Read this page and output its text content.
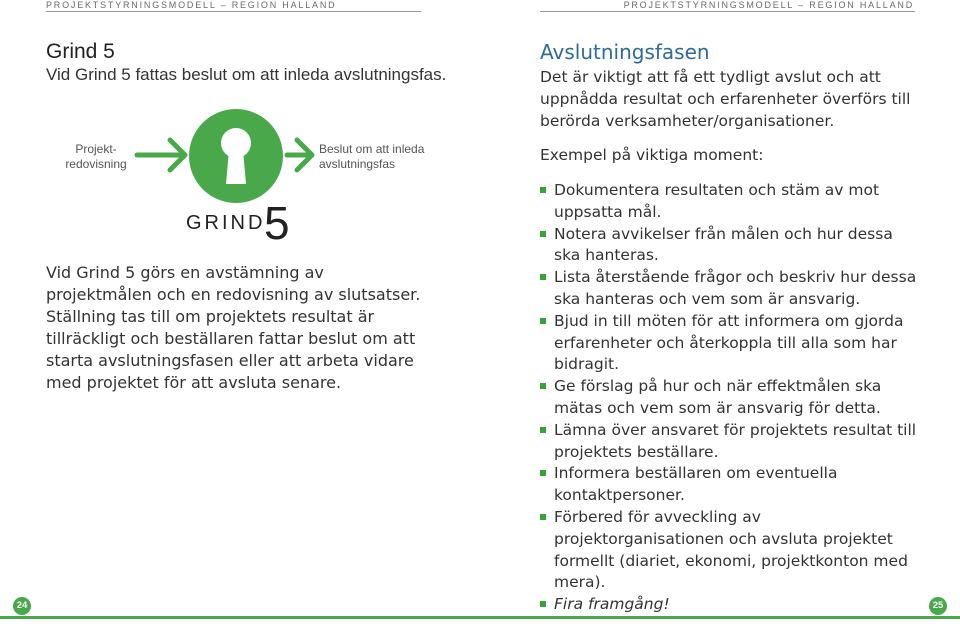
PROJEKTSTYRNINGSMODELL – REGION HALLAND	PROJEKTSTYRNINGSMODELL – REGION HALLAND
Grind 5
Vid Grind 5 fattas beslut om att inleda avslutningsfas.
Projekt-
redovisning
Beslut om att inleda
avslutningsfas
GRIND
5

Vid Grind 5 görs en avstämning av projektmålen och en redovisning av slutsatser. Ställning tas till om projektets resultat är tillräckligt och beställaren fattar beslut om att starta avslutningsfasen eller att arbeta vidare med projektet för att avsluta senare.

Avslutningsfasen

Det är viktigt att få ett tydligt avslut och att uppnådda resultat och erfarenheter överförs till berörda verksamheter/organisationer.

Exempel på viktiga moment:
Dokumentera resultaten och stäm av mot uppsatta mål.
Notera avvikelser från målen och hur dessa ska hanteras.
Lista återstående frågor och beskriv hur dessa ska hanteras och vem som är ansvarig.
Bjud in till möten för att informera om gjorda erfarenheter och återkoppla till alla som har bidragit.
Ge förslag på hur och när effektmålen ska mätas och vem som är ansvarig för detta.
Lämna över ansvaret för projektets resultat till projektets beställare.
Informera beställaren om eventuella kontaktpersoner.
Förbered för avveckling av projektorganisationen och avsluta projektet formellt (diariet, ekonomi, projektkonton med mera).
Fira framgång!
24	25
